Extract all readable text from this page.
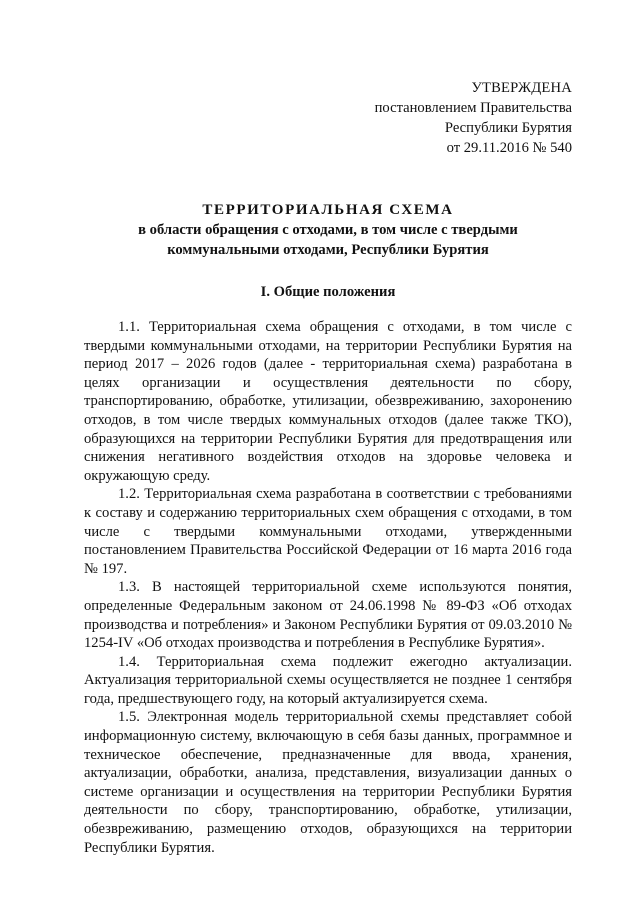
УТВЕРЖДЕНА
постановлением Правительства
Республики Бурятия
от 29.11.2016 № 540
ТЕРРИТОРИАЛЬНАЯ СХЕМА
в области обращения с отходами, в том числе с твердыми
коммунальными отходами, Республики Бурятия
I. Общие положения

1.1. Территориальная схема обращения с отходами, в том числе с твердыми коммунальными отходами, на территории Республики Бурятия на период 2017 – 2026 годов (далее - территориальная схема) разработана в целях организации и осуществления деятельности по сбору, транспортированию, обработке, утилизации, обезвреживанию, захоронению отходов, в том числе твердых коммунальных отходов (далее также ТКО), образующихся на территории Республики Бурятия для предотвращения или снижения негативного воздействия отходов на здоровье человека и окружающую среду.

1.2. Территориальная схема разработана в соответствии с требованиями к составу и содержанию территориальных схем обращения с отходами, в том числе с твердыми коммунальными отходами, утвержденными постановлением Правительства Российской Федерации от 16 марта 2016 года № 197.

1.3. В настоящей территориальной схеме используются понятия, определенные Федеральным законом от 24.06.1998 № 89-ФЗ «Об отходах производства и потребления» и Законом Республики Бурятия от 09.03.2010 № 1254-IV «Об отходах производства и потребления в Республике Бурятия».

1.4. Территориальная схема подлежит ежегодно актуализации. Актуализация территориальной схемы осуществляется не позднее 1 сентября года, предшествующего году, на который актуализируется схема.

1.5. Электронная модель территориальной схемы представляет собой информационную систему, включающую в себя базы данных, программное и техническое обеспечение, предназначенные для ввода, хранения, актуализации, обработки, анализа, представления, визуализации данных о системе организации и осуществления на территории Республики Бурятия деятельности по сбору, транспортированию, обработке, утилизации, обезвреживанию, размещению отходов, образующихся на территории Республики Бурятия.
